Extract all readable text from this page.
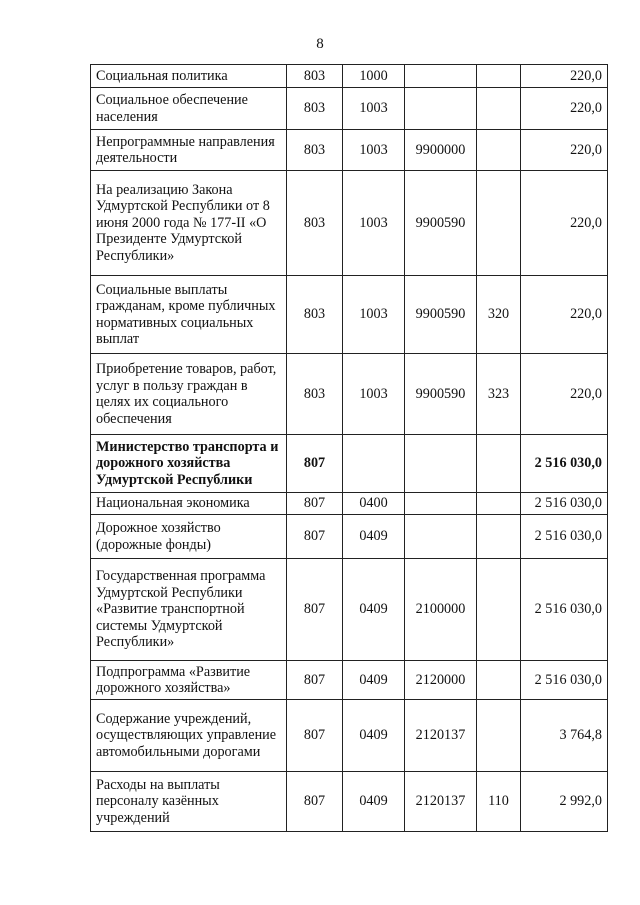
8
Социальная политика	803	1000			220,0
Социальное обеспечение населения	803	1003			220,0
Непрограммные направления деятельности	803	1003	9900000		220,0
На реализацию Закона Удмуртской Республики от 8 июня 2000 года № 177-II «О Президенте Удмуртской Республики»	803	1003	9900590		220,0
Социальные выплаты гражданам, кроме публичных нормативных социальных выплат	803	1003	9900590	320	220,0
Приобретение товаров, работ, услуг в пользу граждан в целях их социального обеспечения	803	1003	9900590	323	220,0
Министерство транспорта и дорожного хозяйства Удмуртской Республики	807				2 516 030,0
Национальная экономика	807	0400			2 516 030,0
Дорожное хозяйство (дорожные фонды)	807	0409			2 516 030,0
Государственная программа Удмуртской Республики «Развитие транспортной системы Удмуртской Республики»	807	0409	2100000		2 516 030,0
Подпрограмма «Развитие дорожного хозяйства»	807	0409	2120000		2 516 030,0
Содержание учреждений, осуществляющих управление автомобильными дорогами	807	0409	2120137		3 764,8
Расходы на выплаты персоналу казённых учреждений	807	0409	2120137	110	2 992,0
